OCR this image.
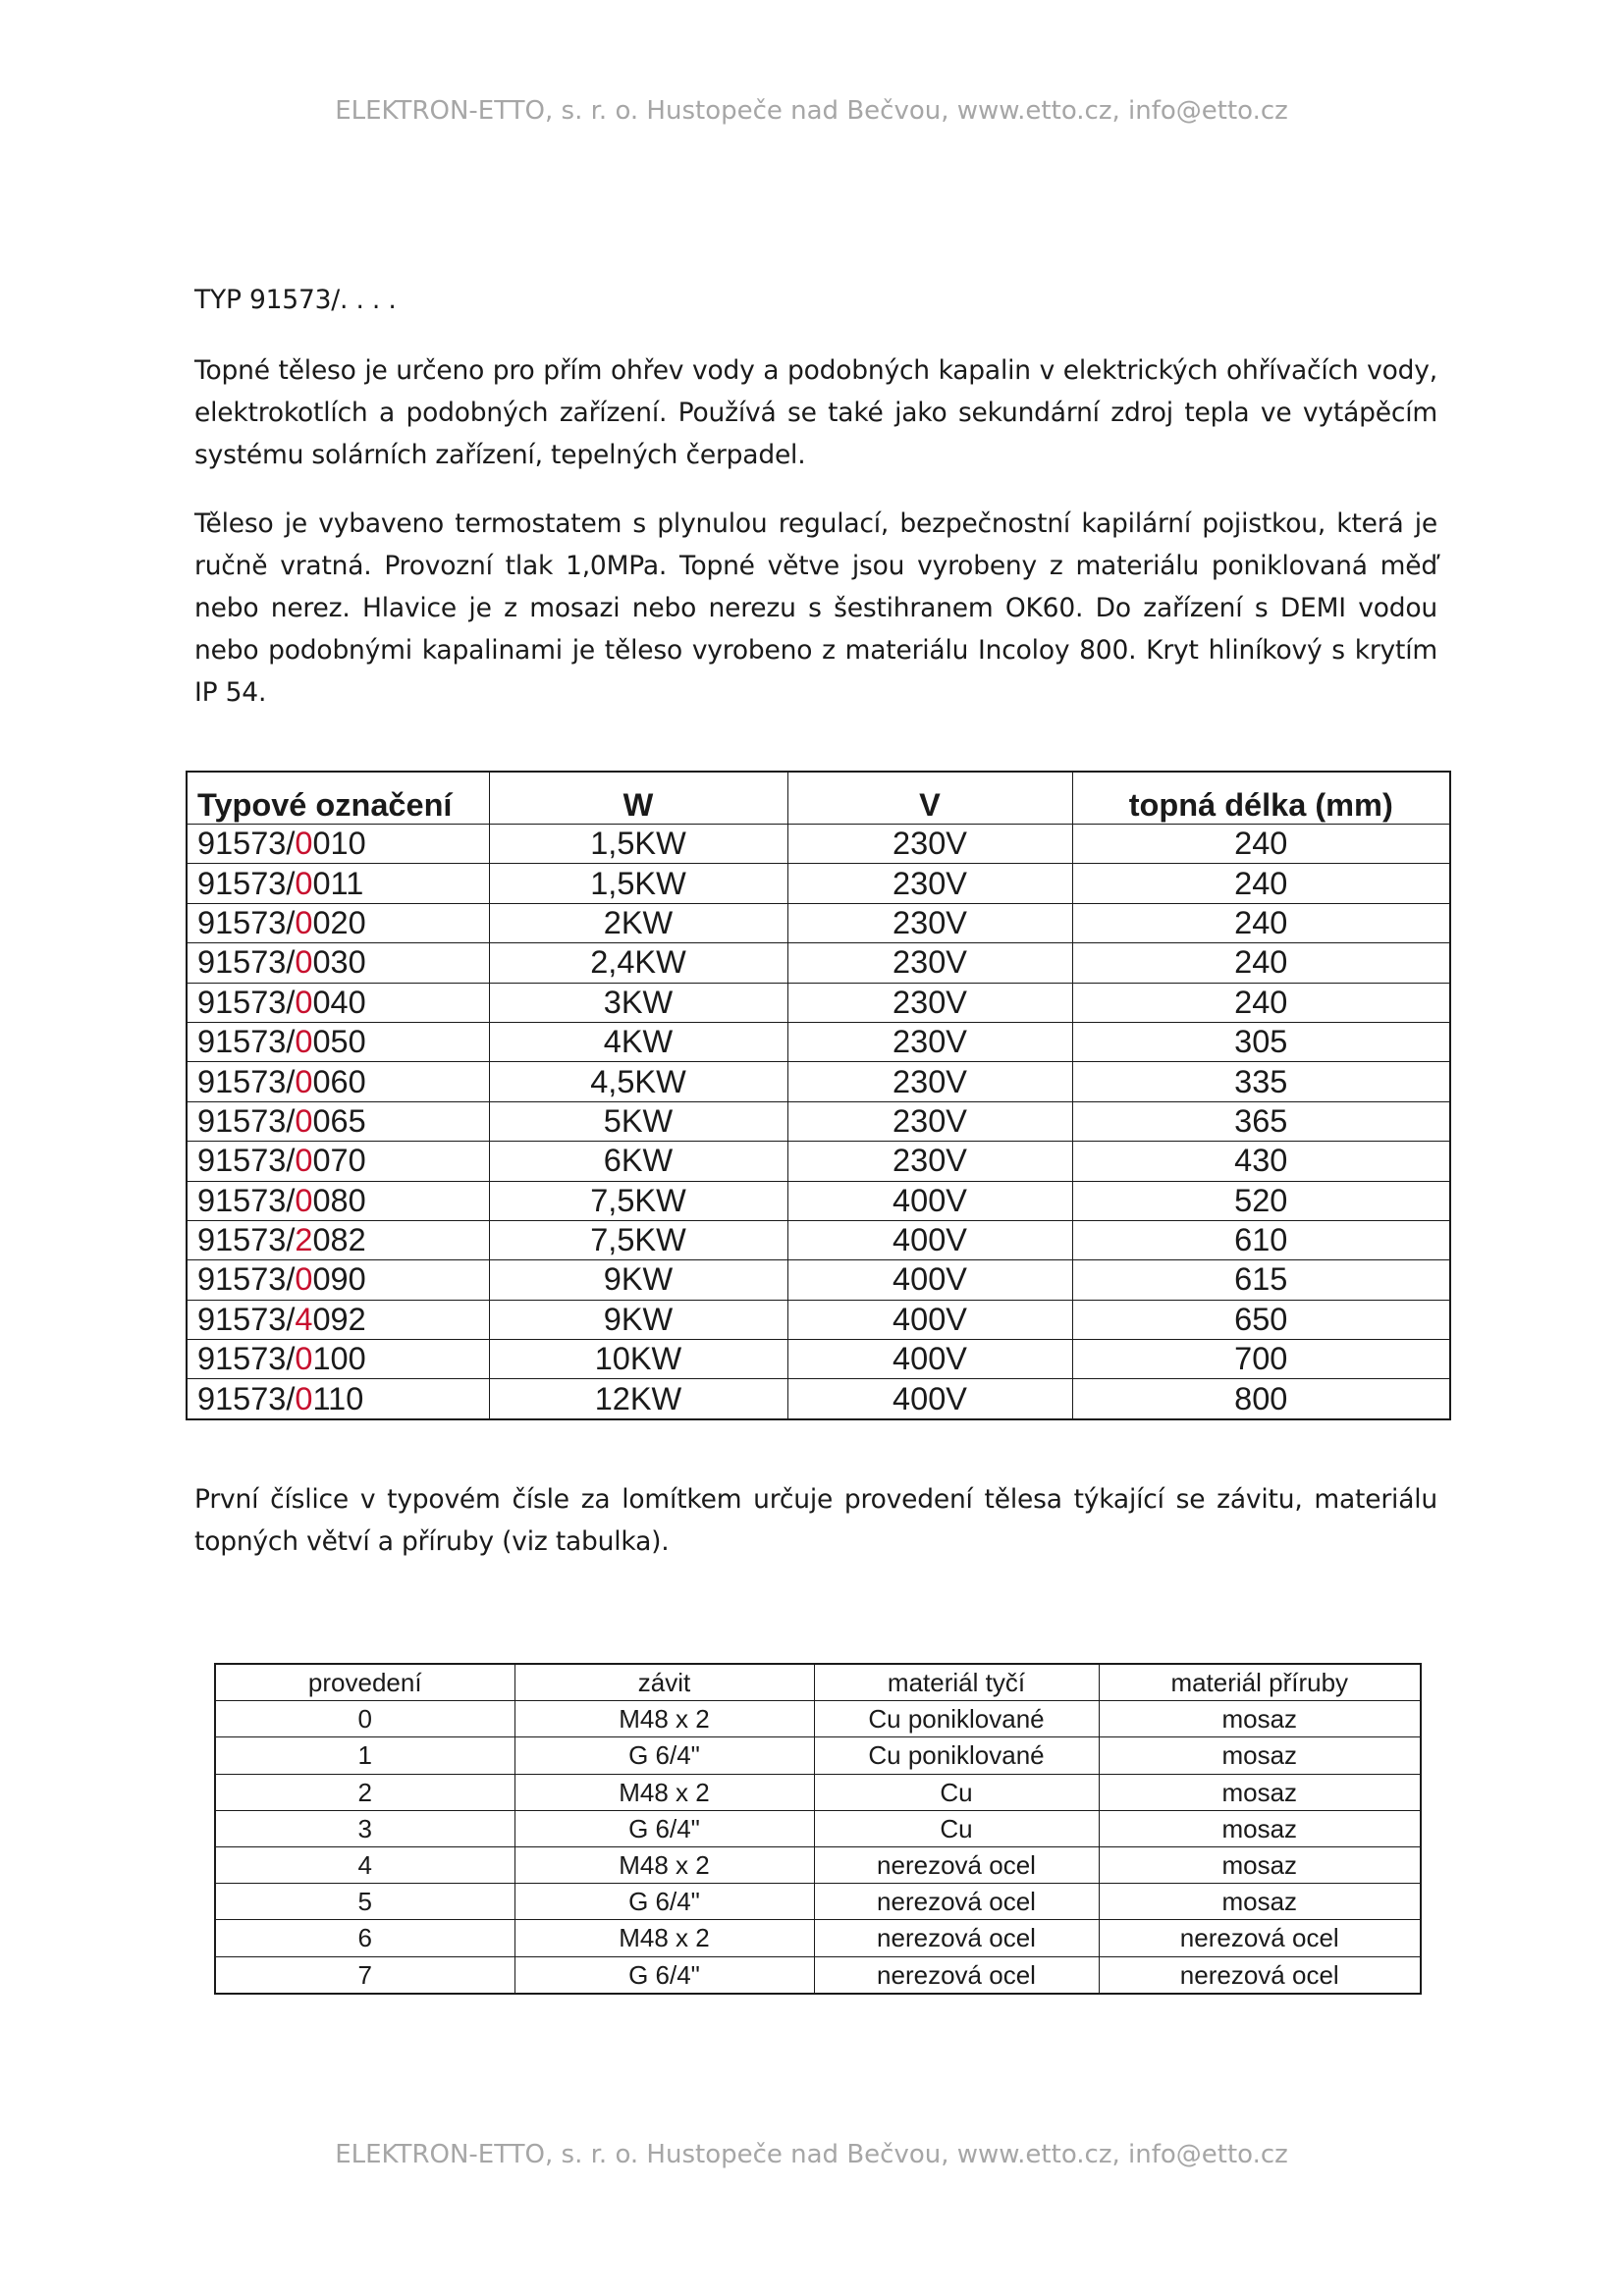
ELEKTRON-ETTO, s. r. o. Hustopeče nad Bečvou, www.etto.cz, info@etto.cz
TYP 91573/. . . .
Topné těleso je určeno pro přím ohřev vody a podobných kapalin v elektrických ohřívačích vody, elektrokotlích a podobných zařízení. Používá se také jako sekundární zdroj tepla ve vytápěcím systému solárních zařízení, tepelných čerpadel.
Těleso je vybaveno termostatem s plynulou regulací, bezpečnostní kapilární pojistkou, která je ručně vratná. Provozní tlak 1,0MPa. Topné větve jsou vyrobeny z materiálu poniklovaná měď nebo nerez. Hlavice je z mosazi nebo nerezu s šestihranem OK60. Do zařízení s DEMI vodou nebo podobnými kapalinami je těleso vyrobeno z materiálu Incoloy 800. Kryt hliníkový s krytím IP 54.
Typové označení	W	V	topná délka (mm)
91573/0010	1,5KW	230V	240
91573/0011	1,5KW	230V	240
91573/0020	2KW	230V	240
91573/0030	2,4KW	230V	240
91573/0040	3KW	230V	240
91573/0050	4KW	230V	305
91573/0060	4,5KW	230V	335
91573/0065	5KW	230V	365
91573/0070	6KW	230V	430
91573/0080	7,5KW	400V	520
91573/2082	7,5KW	400V	610
91573/0090	9KW	400V	615
91573/4092	9KW	400V	650
91573/0100	10KW	400V	700
91573/0110	12KW	400V	800
První číslice v typovém čísle za lomítkem určuje provedení tělesa týkající se závitu, materiálu topných větví a příruby (viz tabulka).
provedení	závit	materiál tyčí	materiál příruby
0	M48 x 2	Cu poniklované	mosaz
1	G 6/4"	Cu poniklované	mosaz
2	M48 x 2	Cu	mosaz
3	G 6/4"	Cu	mosaz
4	M48 x 2	nerezová ocel	mosaz
5	G 6/4"	nerezová ocel	mosaz
6	M48 x 2	nerezová ocel	nerezová ocel
7	G 6/4"	nerezová ocel	nerezová ocel
ELEKTRON-ETTO, s. r. o. Hustopeče nad Bečvou, www.etto.cz, info@etto.cz
